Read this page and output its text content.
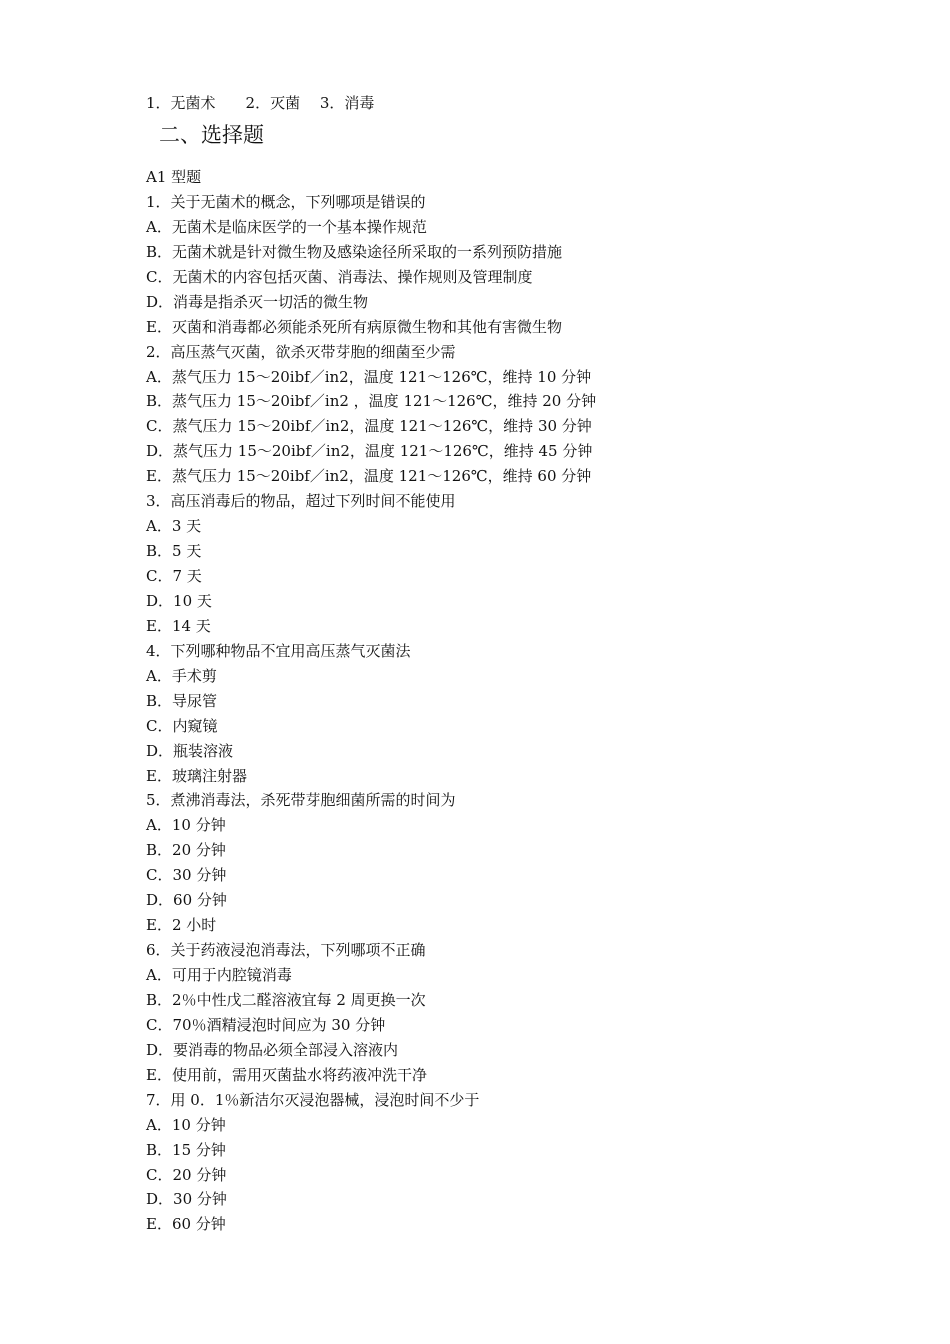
1．无菌术　　2．灭菌　 3．消毒
二、选择题
A1 型题
1．关于无菌术的概念，下列哪项是错误的
A．无菌术是临床医学的一个基本操作规范
B．无菌术就是针对微生物及感染途径所采取的一系列预防措施
C．无菌术的内容包括灭菌、消毒法、操作规则及管理制度
D．消毒是指杀灭一切活的微生物
E．灭菌和消毒都必须能杀死所有病原微生物和其他有害微生物
2．高压蒸气灭菌，欲杀灭带芽胞的细菌至少需
A．蒸气压力 15～20ibf／in2，温度 121～126℃，维持 10 分钟
B．蒸气压力 15～20ibf／in2 ，温度 121～126℃，维持 20 分钟
C．蒸气压力 15～20ibf／in2，温度 121～126℃，维持 30 分钟
D．蒸气压力 15～20ibf／in2，温度 121～126℃，维持 45 分钟
E．蒸气压力 15～20ibf／in2，温度 121～126℃，维持 60 分钟
3．高压消毒后的物品，超过下列时间不能使用
A．3 天
B．5 天
C．7 天
D．10 天
E．14 天
4．下列哪种物品不宜用高压蒸气灭菌法
A．手术剪
B．导尿管
C．内窥镜
D．瓶装溶液
E．玻璃注射器
5．煮沸消毒法，杀死带芽胞细菌所需的时间为
A．10 分钟
B．20 分钟
C．30 分钟
D．60 分钟
E．2 小时
6．关于药液浸泡消毒法，下列哪项不正确
A．可用于内腔镜消毒
B．2％中性戊二醛溶液宜每 2 周更换一次
C．70％酒精浸泡时间应为 30 分钟
D．要消毒的物品必须全部浸入溶液内
E．使用前，需用灭菌盐水将药液冲洗干净
7．用 0．1％新洁尔灭浸泡器械，浸泡时间不少于
A．10 分钟
B．15 分钟
C．20 分钟
D．30 分钟
E．60 分钟
